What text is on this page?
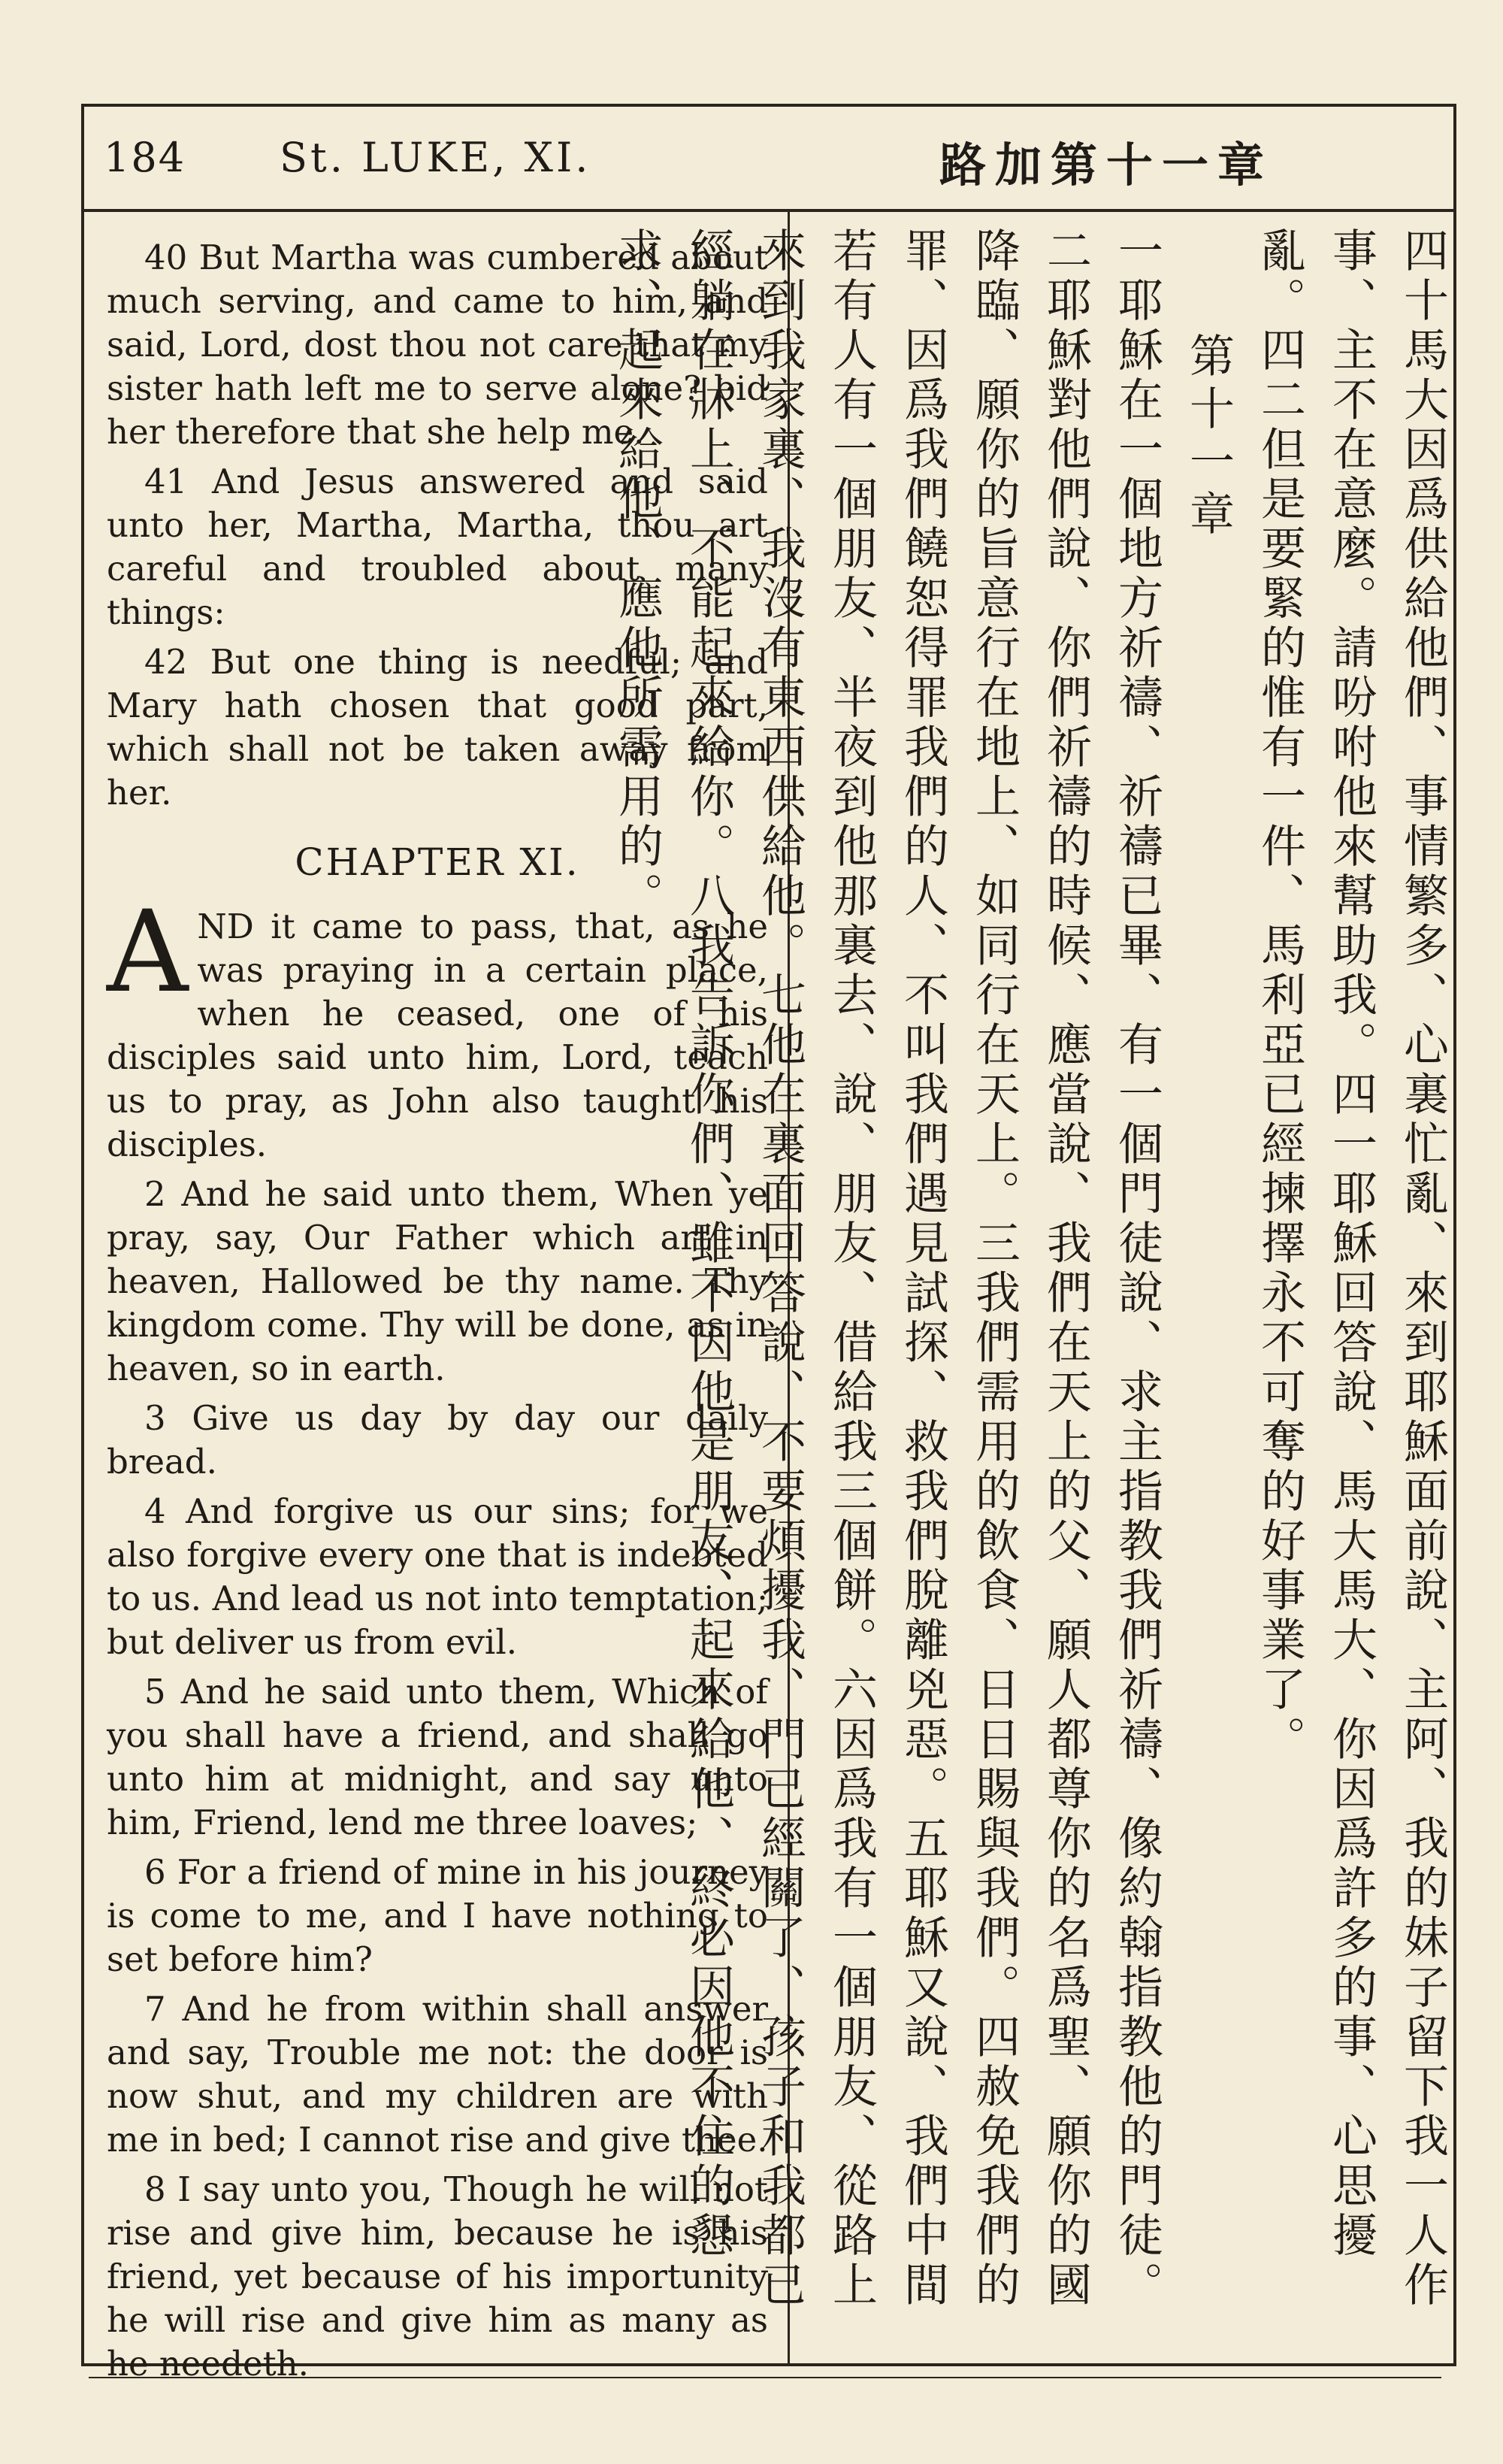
184 St. LUKE, XI.	路加第十一章

40 But Martha was cumbered about much serving, and came to him, and said, Lord, dost thou not care that my sister hath left me to serve alone? bid her therefore that she help me.

41 And Jesus answered and said unto her, Martha, Martha, thou art careful and troubled about many things:

42 But one thing is needful; and Mary hath chosen that good part, which shall not be taken away from her.

CHAPTER XI.

AND it came to pass, that, as he was praying in a certain place, when he ceased, one of his disciples said unto him, Lord, teach us to pray, as John also taught his disciples.

2 And he said unto them, When ye pray, say, Our Father which art in heaven, Hallowed be thy name. Thy kingdom come. Thy will be done, as in heaven, so in earth.

3 Give us day by day our daily bread.

4 And forgive us our sins; for we also forgive every one that is indebted to us. And lead us not into temptation; but deliver us from evil.

5 And he said unto them, Which of you shall have a friend, and shall go unto him at midnight, and say unto him, Friend, lend me three loaves;

6 For a friend of mine in his journey is come to me, and I have nothing to set before him?

7 And he from within shall answer and say, Trouble me not: the door is now shut, and my children are with me in bed; I cannot rise and give thee.

8 I say unto you, Though he will not rise and give him, because he is his friend, yet because of his importunity he will rise and give him as many as he needeth.

四十馬大因爲供給他們、事情繁多、心裏忙亂、來到耶穌面前說、主阿、我的妹子留下我一人作事、主不在意麼。請吩咐他來幫助我。四一耶穌回答說、馬大馬大、你因爲許多的事、心思擾亂。四二但是要緊的惟有一件、馬利亞已經揀擇永不可奪的好事業了。

第十一章

一耶穌在一個地方祈禱、祈禱已畢、有一個門徒說、求主指教我們祈禱、像約翰指教他的門徒。二耶穌對他們說、你們祈禱的時候、應當說、我們在天上的父、願人都尊你的名爲聖、願你的國降臨、願你的旨意行在地上、如同行在天上。三我們需用的飲食、日日賜與我們。四赦免我們的罪、因爲我們饒恕得罪我們的人、不叫我們遇見試探、救我們脫離兇惡。五耶穌又說、我們中間若有人有一個朋友、半夜到他那裏去、說、朋友、借給我三個餅。六因爲我有一個朋友、從路上來到我家裏、我沒有東西供給他。七他在裏面回答說、不要煩擾我、門已經關了、孩子和我都已經躺在牀上、不能起來給你。八我告訴你們、雖不因他是朋友、起來給他、終必因他不住的懇求、起來給他、應他所需用的。
